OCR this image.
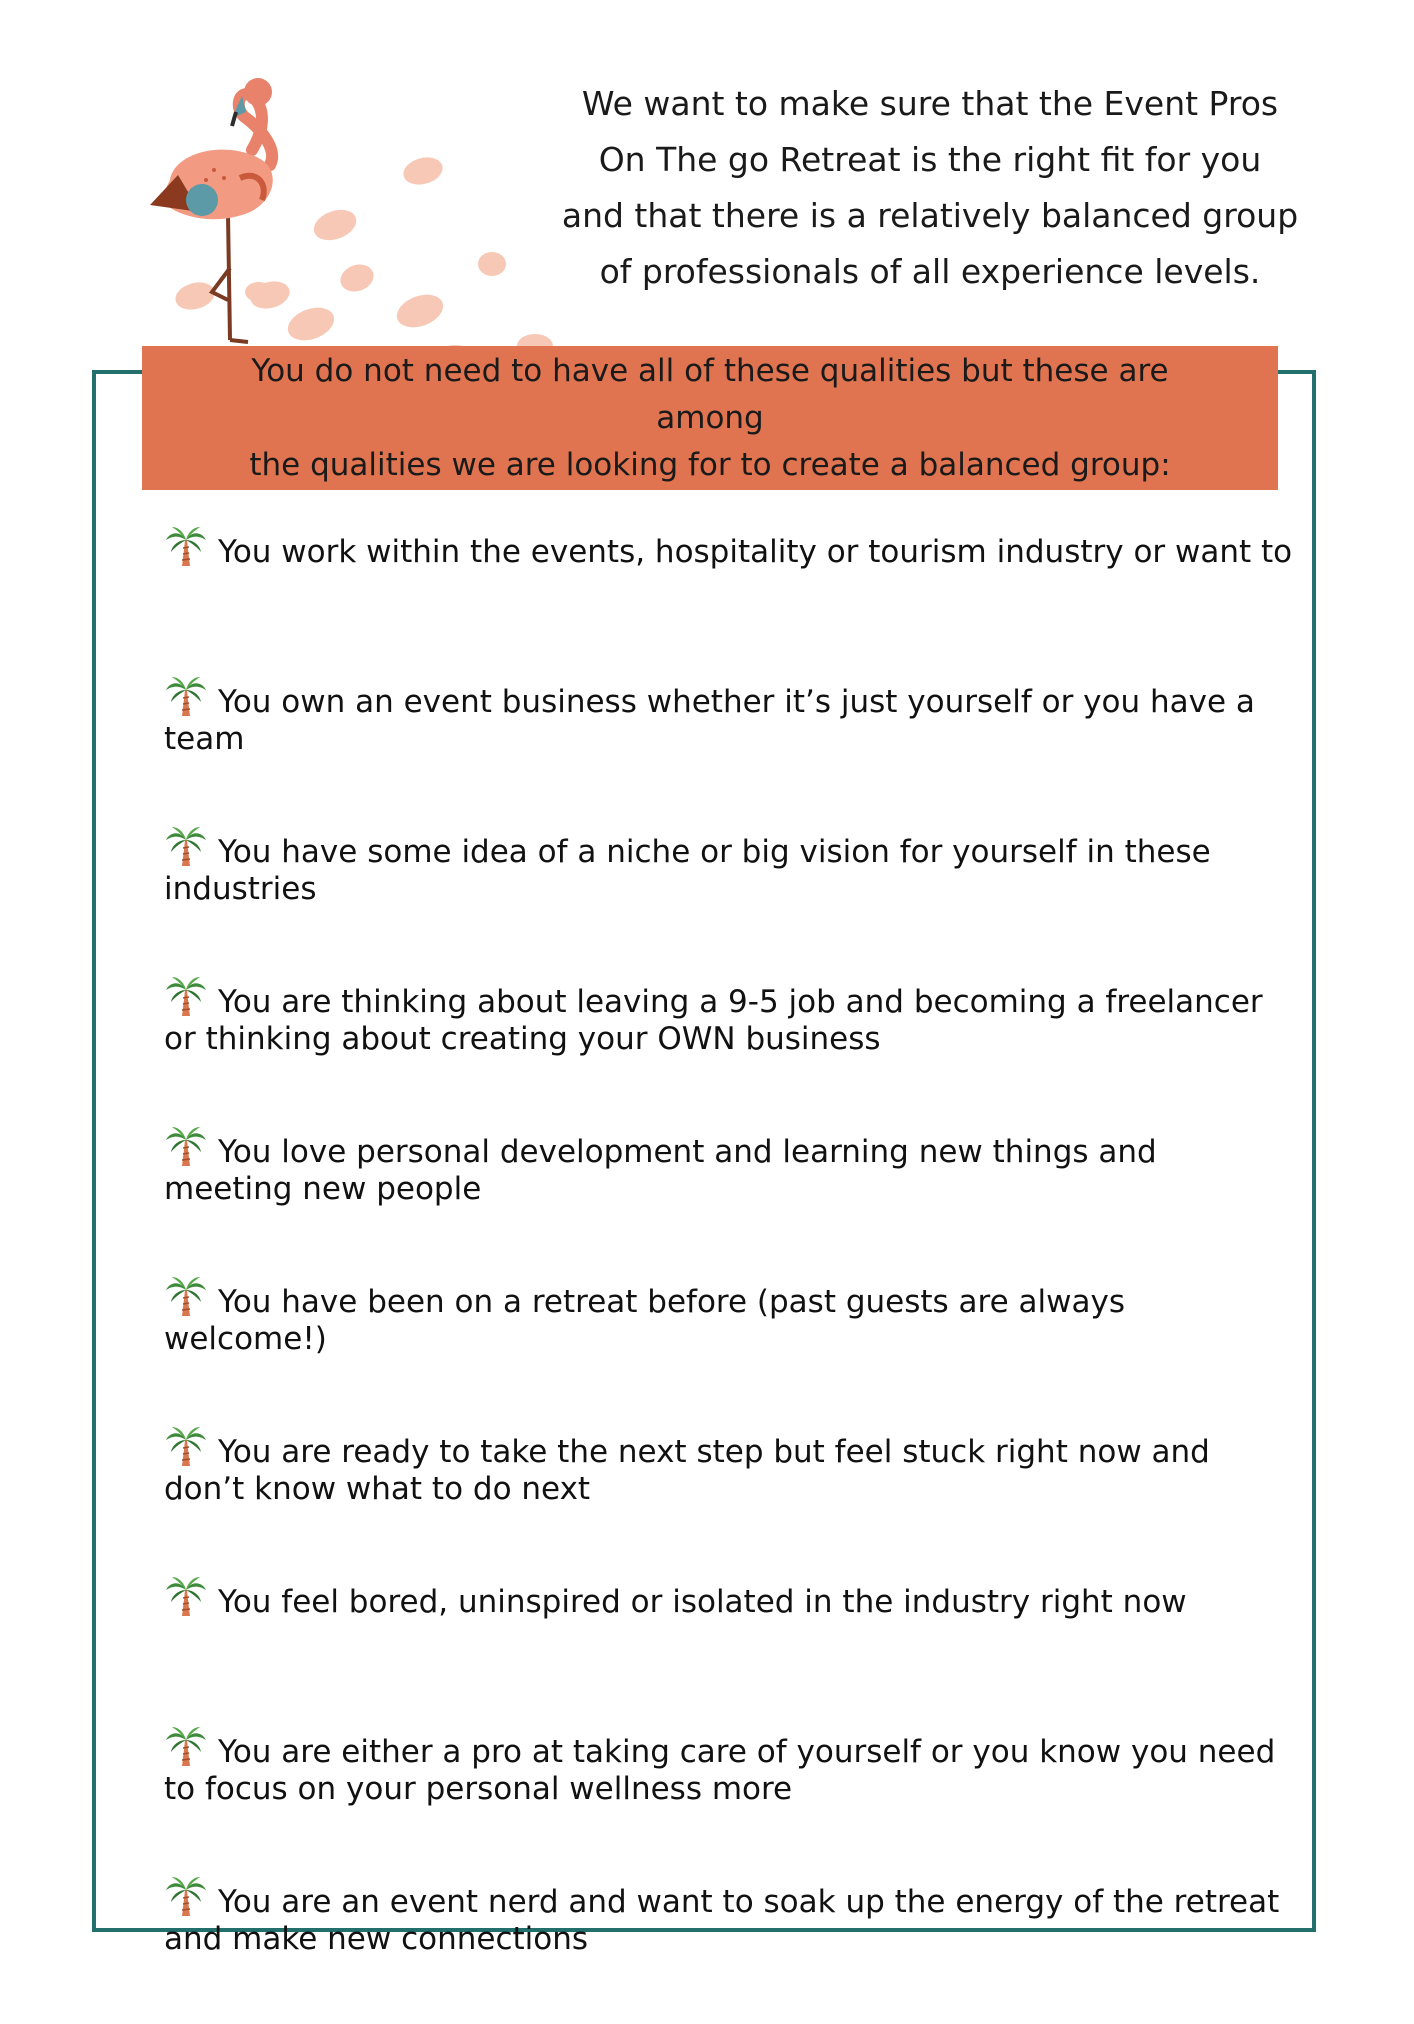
We want to make sure that the Event Pros
On The go Retreat is the right fit for you
and that there is a relatively balanced group
of professionals of all experience levels.
You do not need to have all of these qualities but these are among
the qualities we are looking for to create a balanced group:
You work within the events, hospitality or tourism industry or want to
You own an event business whether it’s just yourself or you have a team
You have some idea of a niche or big vision for yourself in these industries
You are thinking about leaving a 9-5 job and becoming a freelancer or thinking about creating your OWN business
You love personal development and learning new things and meeting new people
You have been on a retreat before (past guests are always welcome!)
You are ready to take the next step but feel stuck right now and don’t know what to do next
You feel bored, uninspired or isolated in the industry right now
You are either a pro at taking care of yourself or you know you need to focus on your personal wellness more
You are an event nerd and want to soak up the energy of the retreat and make new connections
